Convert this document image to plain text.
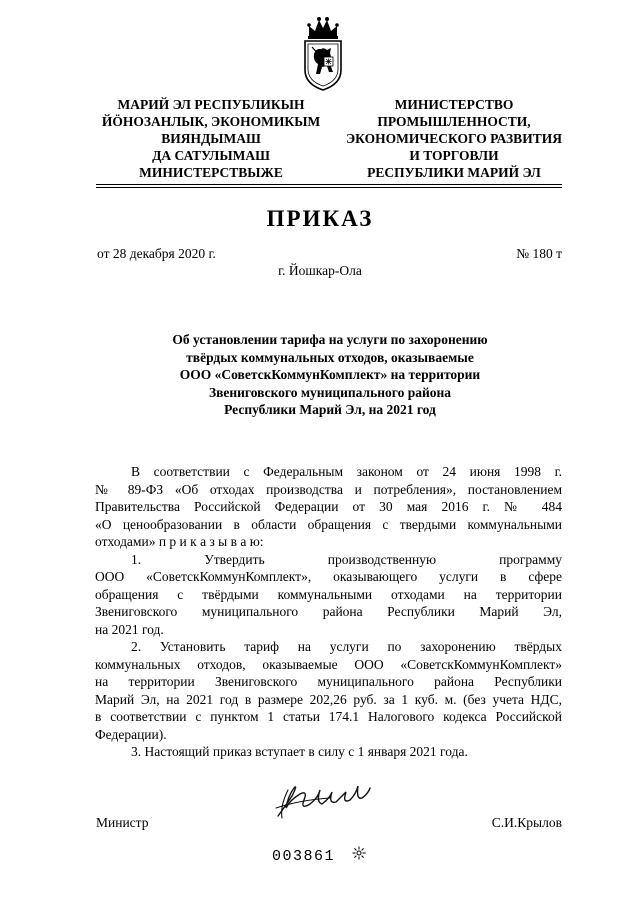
МАРИЙ ЭЛ РЕСПУБЛИКЫН
ЙӦНОЗАНЛЫК, ЭКОНОМИКЫМ
ВИЯНДЫМАШ
ДА САТУЛЫМАШ
МИНИСТЕРСТВЫЖЕ
МИНИСТЕРСТВО
ПРОМЫШЛЕННОСТИ,
ЭКОНОМИЧЕСКОГО РАЗВИТИЯ
И ТОРГОВЛИ
РЕСПУБЛИКИ МАРИЙ ЭЛ
ПРИКАЗ
от 28 декабря 2020 г.	№ 180 т
г. Йошкар-Ола
Об установлении тарифа на услуги по захоронению
твёрдых коммунальных отходов, оказываемые
ООО «СоветскКоммунКомплект» на территории
Звениговского муниципального района
Республики Марий Эл, на 2021 год
В соответствии с Федеральным законом от 24 июня 1998 г.
№ 89-ФЗ «Об отходах производства и потребления», постановлением
Правительства Российской Федерации от 30 мая 2016 г. № 484
«О ценообразовании в области обращения с твердыми коммунальными
отходами» п р и к а з ы в а ю:
1. Утвердить производственную программу
ООО «СоветскКоммунКомплект», оказывающего услуги в сфере
обращения с твёрдыми коммунальными отходами на территории
Звениговского муниципального района Республики Марий Эл,
на 2021 год.
2. Установить тариф на услуги по захоронению твёрдых
коммунальных отходов, оказываемые ООО «СоветскКоммунКомплект»
на территории Звениговского муниципального района Республики
Марий Эл, на 2021 год в размере 202,26 руб. за 1 куб. м. (без учета НДС,
в соответствии с пунктом 1 статьи 174.1 Налогового кодекса Российской
Федерации).
3. Настоящий приказ вступает в силу с 1 января 2021 года.
Министр	С.И.Крылов
003861
